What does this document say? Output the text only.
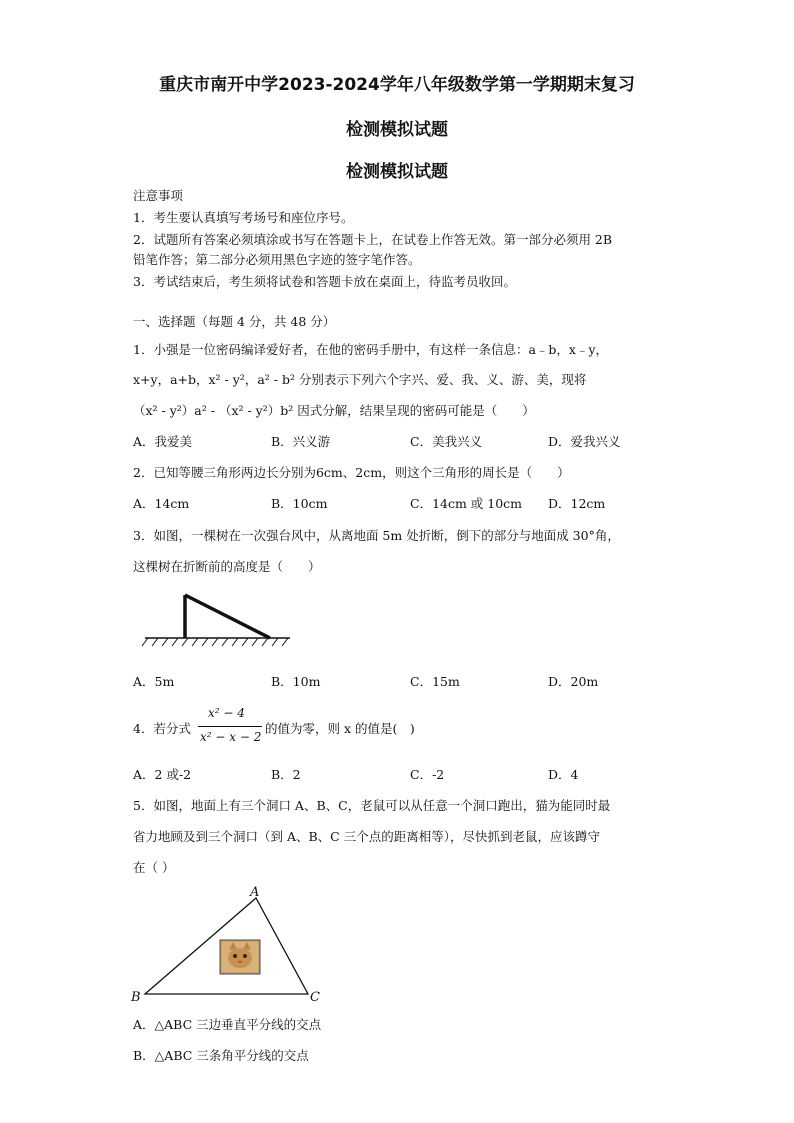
重庆市南开中学2023-2024学年八年级数学第一学期期末复习
检测模拟试题
检测模拟试题
注意事项
1．考生要认真填写考场号和座位序号。
2．试题所有答案必须填涂或书写在答题卡上，在试卷上作答无效。第一部分必须用 2B
铅笔作答；第二部分必须用黑色字迹的签字笔作答。
3．考试结束后，考生须将试卷和答题卡放在桌面上，待监考员收回。
一、选择题（每题 4 分，共 48 分）
1．小强是一位密码编译爱好者，在他的密码手册中，有这样一条信息：a﹣b，x﹣y，
x+y，a+b，x² - y²，a² - b² 分别表示下列六个字兴、爱、我、义、游、美，现将
（x² - y²）a² - （x² - y²）b² 因式分解，结果呈现的密码可能是（　　）
A．我爱美	B．兴义游	C．美我兴义	D．爱我兴义
2．已知等腰三角形两边长分别为6cm、2cm，则这个三角形的周长是（　　）
A．14cm	B．10cm	C．14cm 或 10cm D．12cm
3．如图，一棵树在一次强台风中，从离地面 5m 处折断，倒下的部分与地面成 30°角，
这棵树在折断前的高度是（　　）
A．5m	B．10m	C．15m	D．20m
4．若分式
x² − 4
x² − x − 2
的值为零，则 x 的值是(　)
A．2 或-2	B．2	C．-2	D．4
5．如图，地面上有三个洞口 A、B、C，老鼠可以从任意一个洞口跑出，猫为能同时最
省力地顾及到三个洞口（到 A、B、C 三个点的距离相等），尽快抓到老鼠，应该蹲守
在（ ）
A
B	C
A．△ABC 三边垂直平分线的交点
B．△ABC 三条角平分线的交点
